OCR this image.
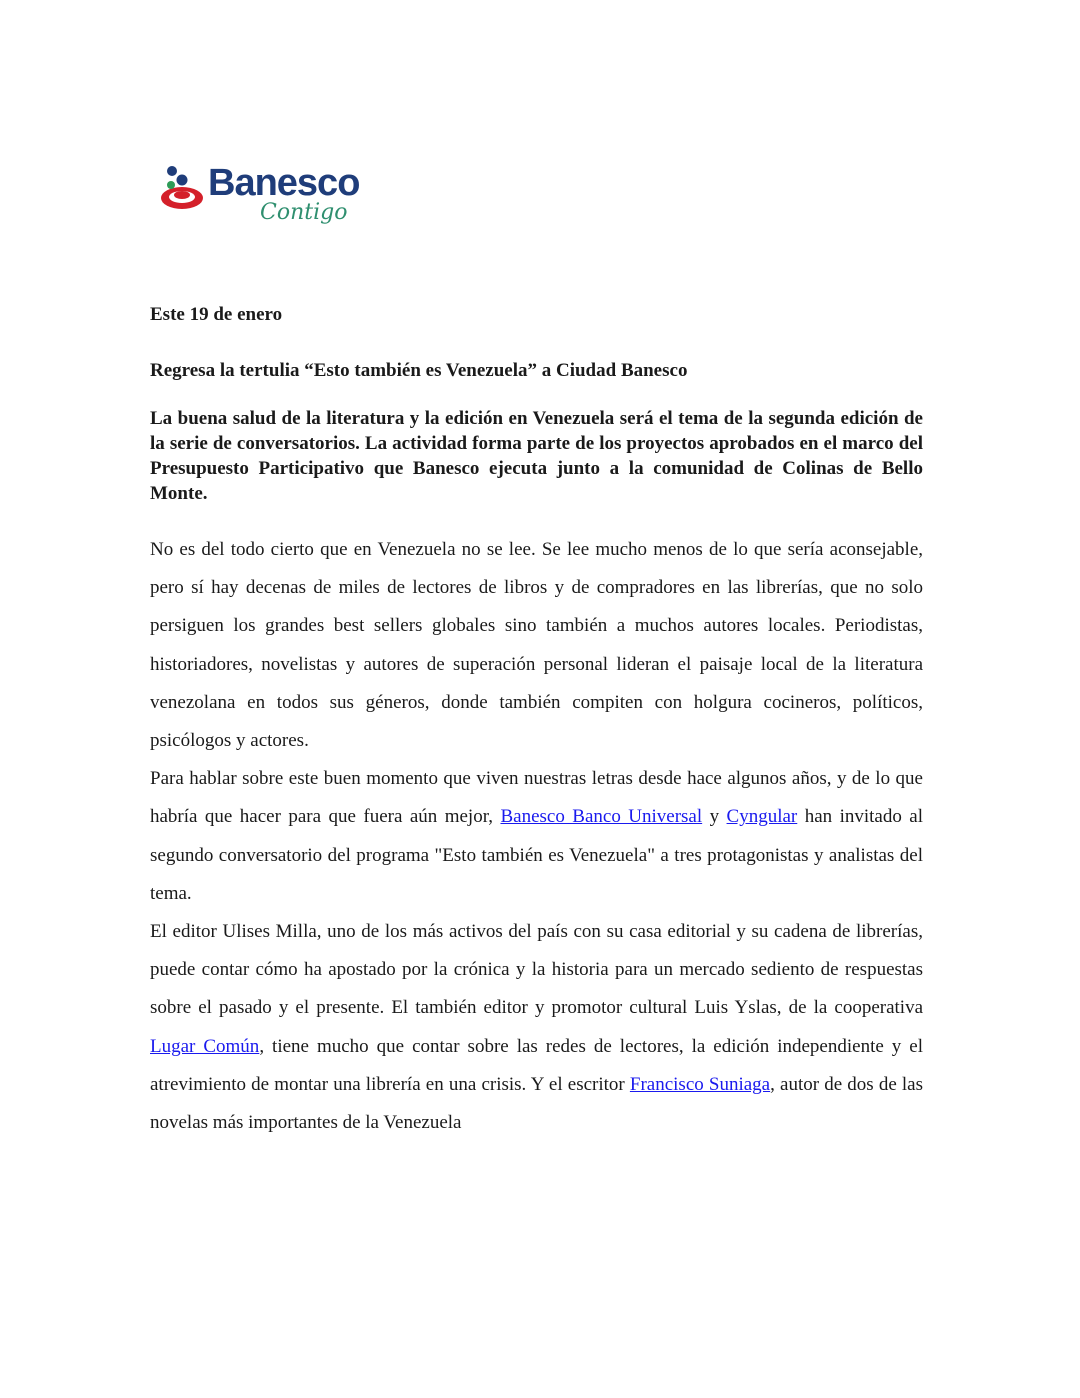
Banesco
Contigo
Este 19 de enero
Regresa la tertulia “Esto también es Venezuela” a Ciudad Banesco
La buena salud de la literatura y la edición en Venezuela será el tema de la segunda edición de la serie de conversatorios. La actividad forma parte de los proyectos aprobados en el marco del Presupuesto Participativo que Banesco ejecuta junto a la comunidad de Colinas de Bello Monte.

No es del todo cierto que en Venezuela no se lee. Se lee mucho menos de lo que sería aconsejable, pero sí hay decenas de miles de lectores de libros y de compradores en las librerías, que no solo persiguen los grandes best sellers globales sino también a muchos autores locales. Periodistas, historiadores, novelistas y autores de superación personal lideran el paisaje local de la literatura venezolana en todos sus géneros, donde también compiten con holgura cocineros, políticos, psicólogos y actores.

Para hablar sobre este buen momento que viven nuestras letras desde hace algunos años, y de lo que habría que hacer para que fuera aún mejor, Banesco Banco Universal y Cyngular han invitado al segundo conversatorio del programa "Esto también es Venezuela" a tres protagonistas y analistas del tema.

El editor Ulises Milla, uno de los más activos del país con su casa editorial y su cadena de librerías, puede contar cómo ha apostado por la crónica y la historia para un mercado sediento de respuestas sobre el pasado y el presente. El también editor y promotor cultural Luis Yslas, de la cooperativa Lugar Común, tiene mucho que contar sobre las redes de lectores, la edición independiente y el atrevimiento de montar una librería en una crisis. Y el escritor Francisco Suniaga, autor de dos de las novelas más importantes de la Venezuela
